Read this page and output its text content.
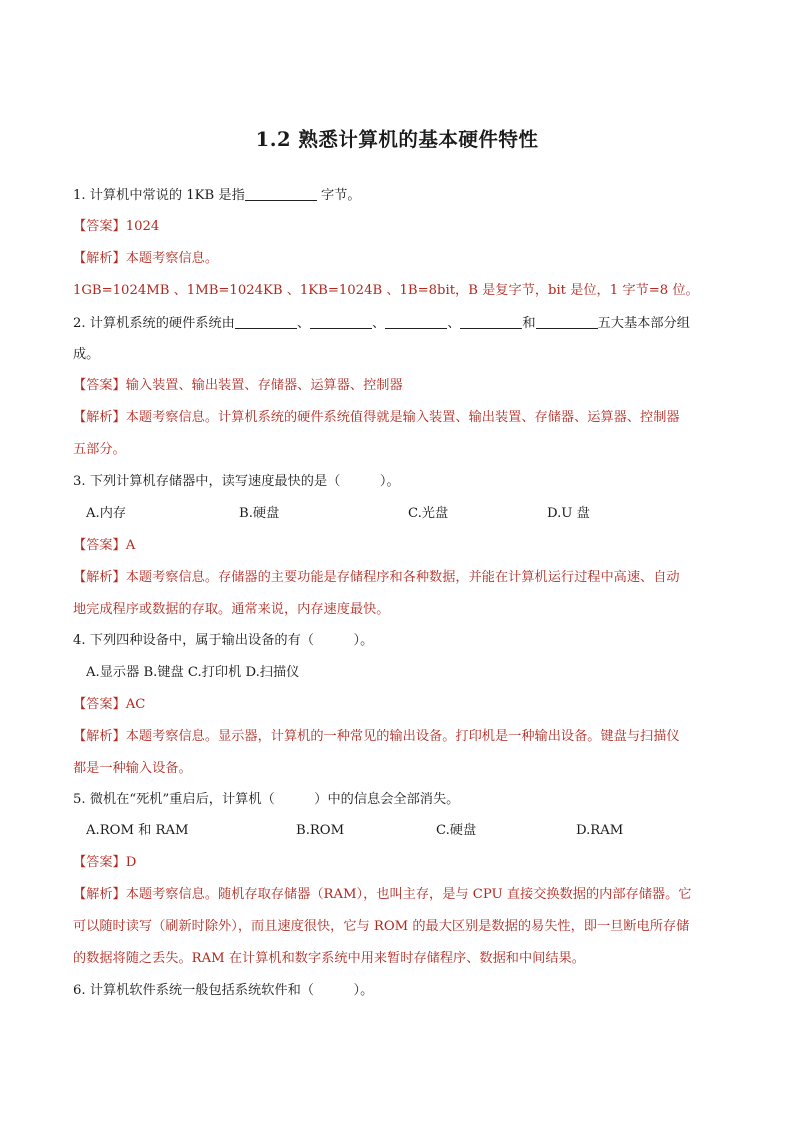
1.2 熟悉计算机的基本硬件特性
1. 计算机中常说的 1KB 是指	字节。
【答案】1024
【解析】本题考察信息。
1GB=1024MB 、1MB=1024KB 、1KB=1024B 、1B=8bit，B 是复字节，bit 是位，1 字节=8 位。
2. 计算机系统的硬件系统由	、	、	、	和	五大基本部分组
成。
【答案】输入装置、输出装置、存储器、运算器、控制器
【解析】本题考察信息。计算机系统的硬件系统值得就是输入装置、输出装置、存储器、运算器、控制器
五部分。
3. 下列计算机存储器中，读写速度最快的是（　　　）。
A.内存	B.硬盘	C.光盘	D.U 盘
【答案】A
【解析】本题考察信息。存储器的主要功能是存储程序和各种数据，并能在计算机运行过程中高速、自动
地完成程序或数据的存取。通常来说，内存速度最快。
4. 下列四种设备中，属于输出设备的有（　　　）。
A.显示器 B.键盘 C.打印机 D.扫描仪
【答案】AC
【解析】本题考察信息。显示器，计算机的一种常见的输出设备。打印机是一种输出设备。键盘与扫描仪
都是一种输入设备。
5. 微机在“死机”重启后，计算机（　　　）中的信息会全部消失。
A.ROM 和 RAM	B.ROM	C.硬盘	D.RAM
【答案】D
【解析】本题考察信息。随机存取存储器（RAM），也叫主存，是与 CPU 直接交换数据的内部存储器。它
可以随时读写（刷新时除外），而且速度很快，它与 ROM 的最大区别是数据的易失性，即一旦断电所存储
的数据将随之丢失。RAM 在计算机和数字系统中用来暂时存储程序、数据和中间结果。
6. 计算机软件系统一般包括系统软件和（　　　）。
